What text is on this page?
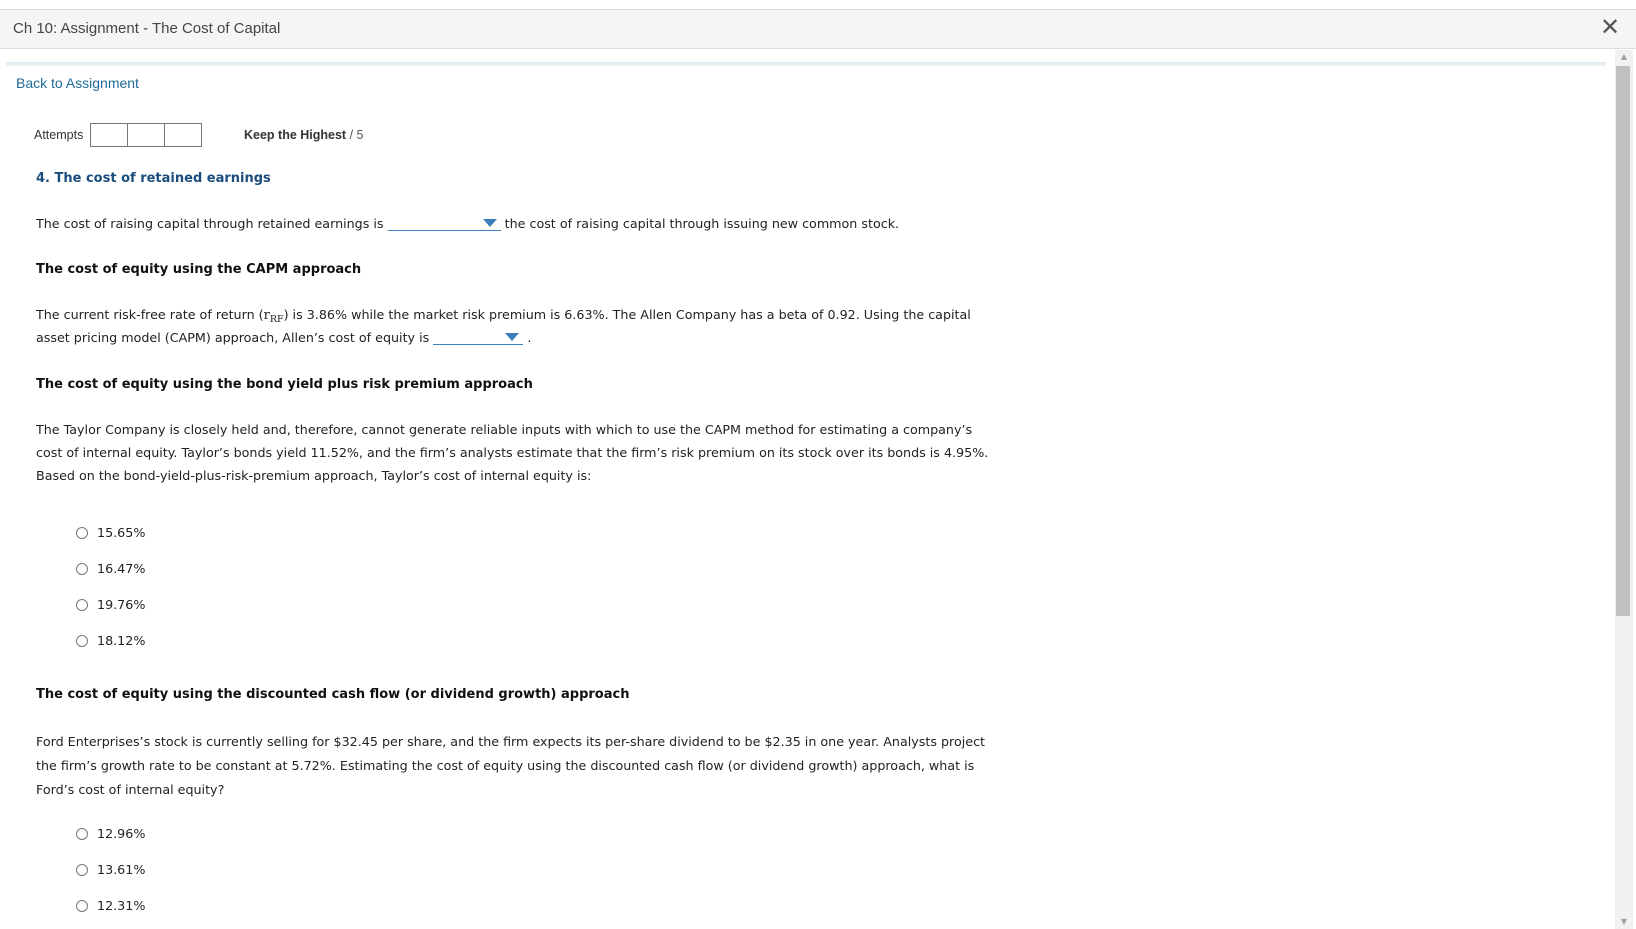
Ch 10: Assignment - The Cost of Capital	✕
▲
▼
Back to Assignment
Attempts	Keep the Highest / 5
4. The cost of retained earnings
The cost of raising capital through retained earnings is	the cost of raising capital through issuing new common stock.
The cost of equity using the CAPM approach
The current risk-free rate of return $(r_{RF})$ is 3.86% while the market risk premium is 6.63%. The Allen Company has a beta of 0.92. Using the capital
asset pricing model (CAPM) approach, Allen’s cost of equity is	.
The cost of equity using the bond yield plus risk premium approach
The Taylor Company is closely held and, therefore, cannot generate reliable inputs with which to use the CAPM method for estimating a company’s
cost of internal equity. Taylor’s bonds yield 11.52%, and the firm’s analysts estimate that the firm’s risk premium on its stock over its bonds is 4.95%.
Based on the bond-yield-plus-risk-premium approach, Taylor’s cost of internal equity is:
15.65%
16.47%
19.76%
18.12%
The cost of equity using the discounted cash flow (or dividend growth) approach
Ford Enterprises’s stock is currently selling for $32.45 per share, and the firm expects its per-share dividend to be $2.35 in one year. Analysts project
the firm’s growth rate to be constant at 5.72%. Estimating the cost of equity using the discounted cash flow (or dividend growth) approach, what is
Ford’s cost of internal equity?
12.96%
13.61%
12.31%
